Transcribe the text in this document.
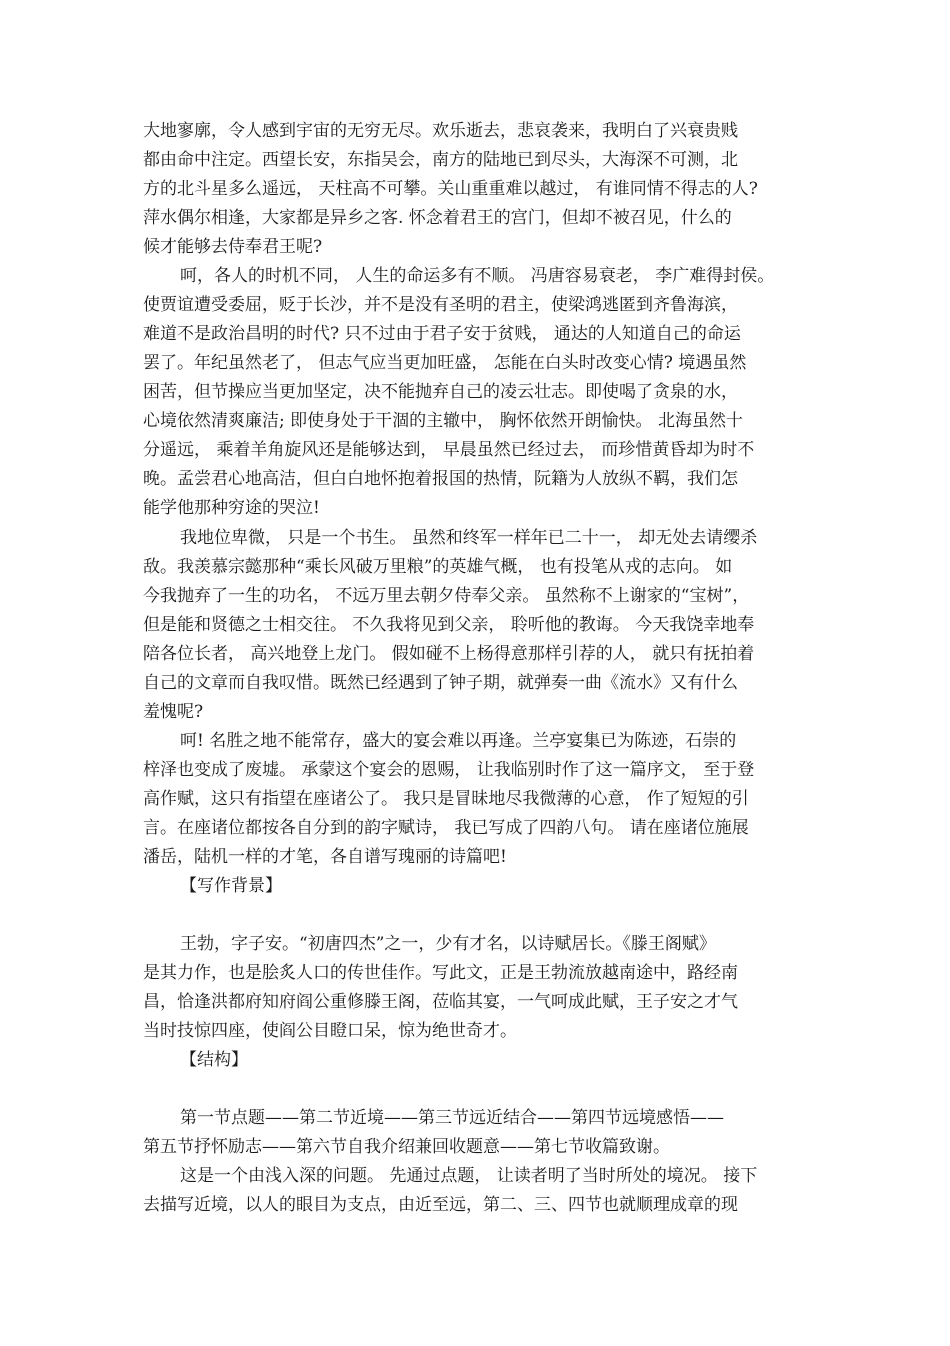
大地寥廓，令人感到宇宙的无穷无尽。欢乐逝去，悲哀袭来，我明白了兴衰贵贱
都由命中注定。西望长安，东指吴会，南方的陆地已到尽头，大海深不可测，北
方的北斗星多么遥远， 天柱高不可攀。关山重重难以越过， 有谁同情不得志的人?
萍水偶尔相逢，大家都是异乡之客. 怀念着君王的宫门，但却不被召见，什么的
候才能够去侍奉君王呢?
呵，各人的时机不同， 人生的命运多有不顺。 冯唐容易衰老， 李广难得封侯。
使贾谊遭受委屈，贬于长沙，并不是没有圣明的君主，使梁鸿逃匿到齐鲁海滨，
难道不是政治昌明的时代? 只不过由于君子安于贫贱， 通达的人知道自己的命运
罢了。年纪虽然老了， 但志气应当更加旺盛， 怎能在白头时改变心情? 境遇虽然
困苦，但节操应当更加坚定，决不能抛弃自己的凌云壮志。即使喝了贪泉的水，
心境依然清爽廉洁; 即使身处于干涸的主辙中， 胸怀依然开朗愉快。 北海虽然十
分遥远， 乘着羊角旋风还是能够达到， 早晨虽然已经过去， 而珍惜黄昏却为时不
晚。孟尝君心地高洁，但白白地怀抱着报国的热情，阮籍为人放纵不羁，我们怎
能学他那种穷途的哭泣!
我地位卑微， 只是一个书生。 虽然和终军一样年已二十一， 却无处去请缨杀
敌。我羡慕宗懿那种“乘长风破万里粮”的英雄气概， 也有投笔从戎的志向。 如
今我抛弃了一生的功名， 不远万里去朝夕侍奉父亲。 虽然称不上谢家的“宝树”，
但是能和贤德之士相交往。 不久我将见到父亲， 聆听他的教诲。 今天我饶幸地奉
陪各位长者， 高兴地登上龙门。 假如碰不上杨得意那样引荐的人， 就只有抚拍着
自己的文章而自我叹惜。既然已经遇到了钟子期，就弹奏一曲《流水》又有什么
羞愧呢?
呵! 名胜之地不能常存，盛大的宴会难以再逢。兰亭宴集已为陈迹，石崇的
梓泽也变成了废墟。 承蒙这个宴会的恩赐， 让我临别时作了这一篇序文， 至于登
高作赋，这只有指望在座诸公了。 我只是冒昧地尽我微薄的心意， 作了短短的引
言。在座诸位都按各自分到的韵字赋诗， 我已写成了四韵八句。 请在座诸位施展
潘岳，陆机一样的才笔，各自谱写瑰丽的诗篇吧!
【写作背景】
王勃，字子安。“初唐四杰”之一，少有才名，以诗赋居长。《滕王阁赋》
是其力作，也是脍炙人口的传世佳作。写此文，正是王勃流放越南途中，路经南
昌，恰逢洪都府知府阎公重修滕王阁，莅临其宴，一气呵成此赋，王子安之才气
当时技惊四座，使阎公目瞪口呆，惊为绝世奇才。
【结构】
第一节点题——第二节近境——第三节远近结合——第四节远境感悟——
第五节抒怀励志——第六节自我介绍兼回收题意——第七节收篇致谢。
这是一个由浅入深的问题。 先通过点题， 让读者明了当时所处的境况。 接下
去描写近境，以人的眼目为支点，由近至远，第二、三、四节也就顺理成章的现
